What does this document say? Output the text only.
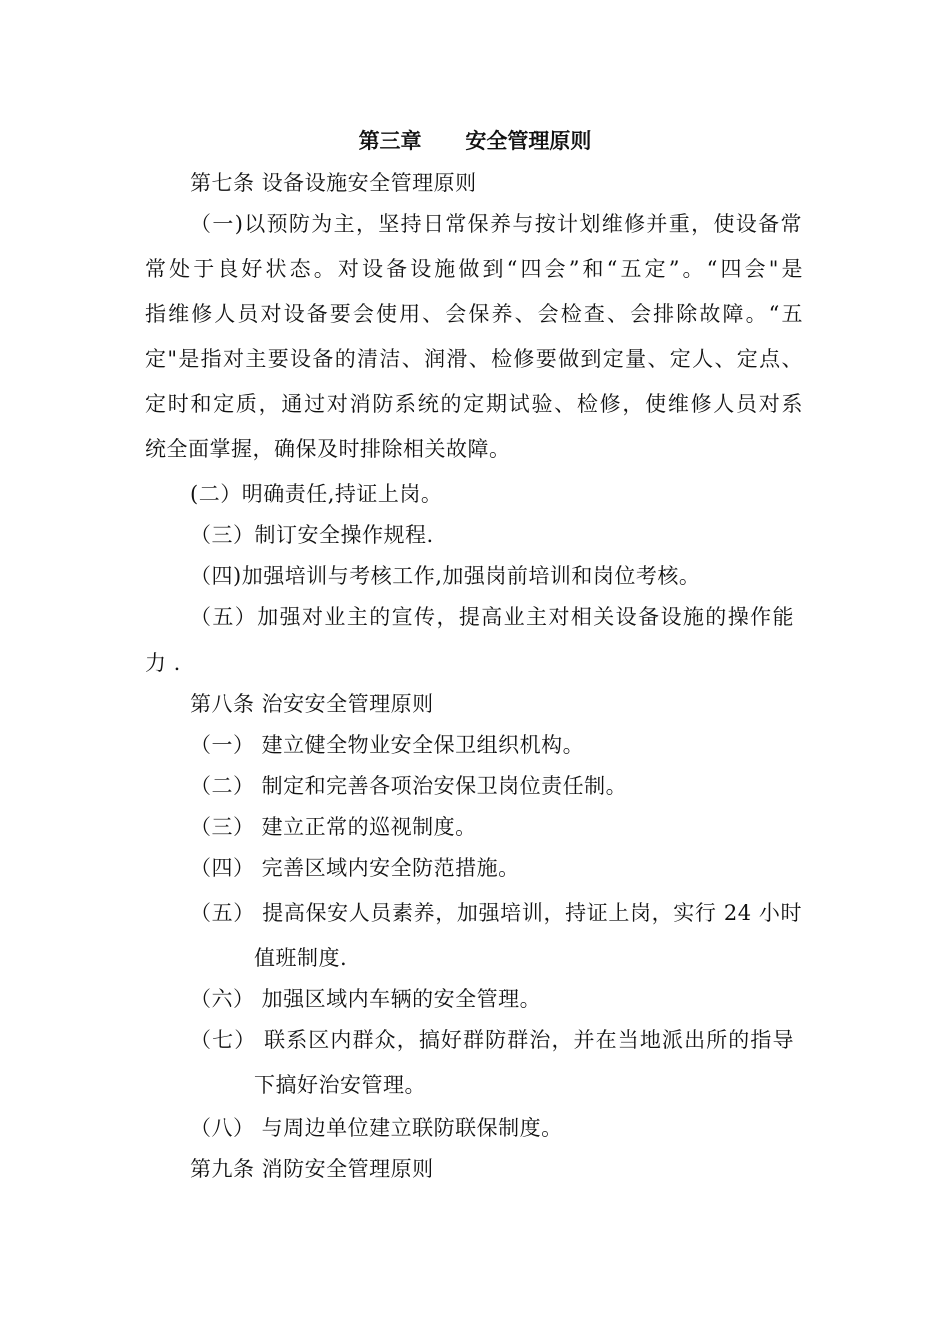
第三章      安全管理原则
第七条 设备设施安全管理原则
（一)以预防为主，坚持日常保养与按计划维修并重，使设备常
常处于良好状态。对设备设施做到“四会”和“五定”。“四会"是
指维修人员对设备要会使用、会保养、会检查、会排除故障。“五
定"是指对主要设备的清洁、润滑、检修要做到定量、定人、定点、
定时和定质，通过对消防系统的定期试验、检修，使维修人员对系
统全面掌握，确保及时排除相关故障。
(二）明确责任,持证上岗。
（三）制订安全操作规程.
（四)加强培训与考核工作,加强岗前培训和岗位考核。
（五）加强对业主的宣传，提高业主对相关设备设施的操作能
力 .
第八条 治安安全管理原则
（一） 建立健全物业安全保卫组织机构。
（二） 制定和完善各项治安保卫岗位责任制。
（三） 建立正常的巡视制度。
（四） 完善区域内安全防范措施。
（五） 提高保安人员素养，加强培训，持证上岗，实行 24 小时
值班制度.
（六） 加强区域内车辆的安全管理。
（七） 联系区内群众，搞好群防群治，并在当地派出所的指导
下搞好治安管理。
（八） 与周边单位建立联防联保制度。
第九条 消防安全管理原则
